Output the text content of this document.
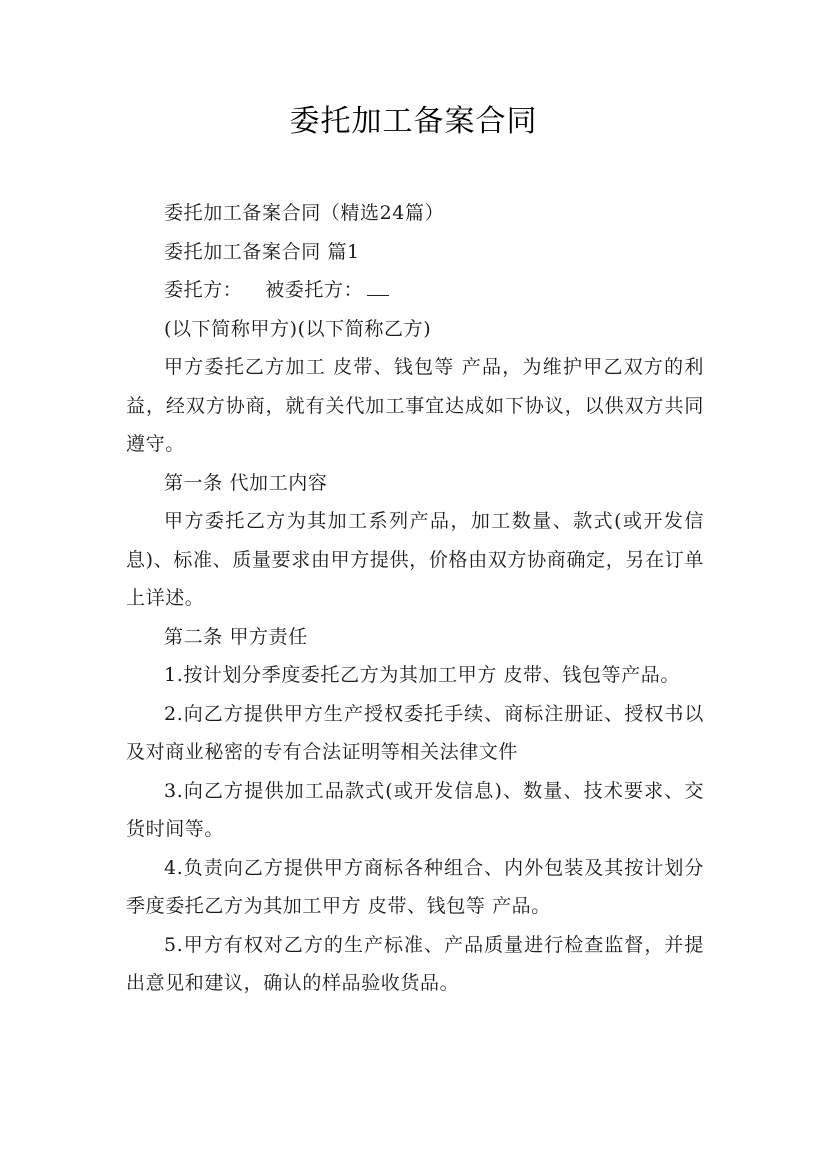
委托加工备案合同

委托加工备案合同（精选24篇）

委托加工备案合同 篇1

委托方： 被委托方：

(以下简称甲方)(以下简称乙方)

甲方委托乙方加工 皮带、钱包等 产品，为维护甲乙双方的利益，经双方协商，就有关代加工事宜达成如下协议，以供双方共同遵守。

第一条 代加工内容

甲方委托乙方为其加工系列产品，加工数量、款式(或开发信息)、标准、质量要求由甲方提供，价格由双方协商确定，另在订单上详述。

第二条 甲方责任

1.按计划分季度委托乙方为其加工甲方 皮带、钱包等产品。

2.向乙方提供甲方生产授权委托手续、商标注册证、授权书以及对商业秘密的专有合法证明等相关法律文件

3.向乙方提供加工品款式(或开发信息)、数量、技术要求、交货时间等。

4.负责向乙方提供甲方商标各种组合、内外包装及其按计划分季度委托乙方为其加工甲方 皮带、钱包等 产品。

5.甲方有权对乙方的生产标准、产品质量进行检查监督，并提出意见和建议，确认的样品验收货品。
